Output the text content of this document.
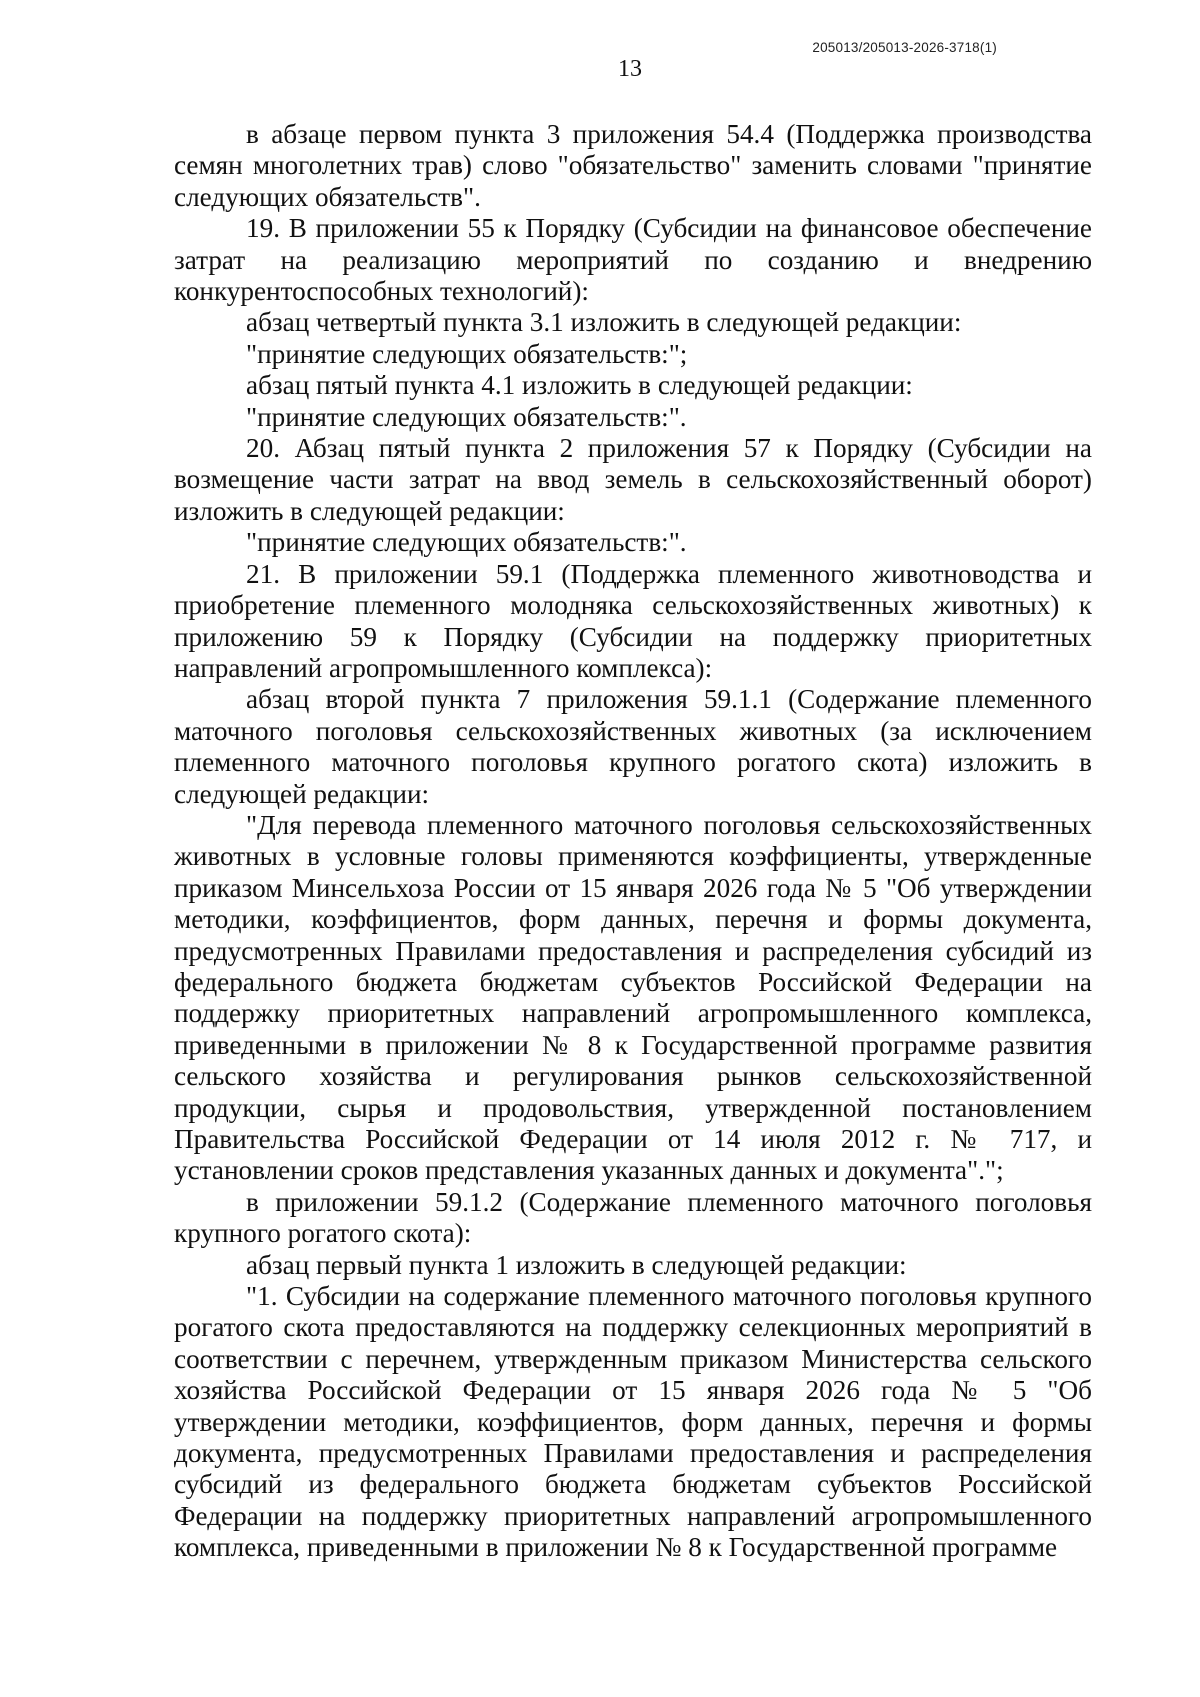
205013/205013-2026-3718(1)
13

в абзаце первом пункта 3 приложения 54.4 (Поддержка производства семян многолетних трав) слово "обязательство" заменить словами "принятие следующих обязательств".

19. В приложении 55 к Порядку (Субсидии на финансовое обеспечение затрат на реализацию мероприятий по созданию и внедрению конкурентоспособных технологий):

абзац четвертый пункта 3.1 изложить в следующей редакции:

"принятие следующих обязательств:";

абзац пятый пункта 4.1 изложить в следующей редакции:

"принятие следующих обязательств:".

20. Абзац пятый пункта 2 приложения 57 к Порядку (Субсидии на возмещение части затрат на ввод земель в сельскохозяйственный оборот) изложить в следующей редакции:

"принятие следующих обязательств:".

21. В приложении 59.1 (Поддержка племенного животноводства и приобретение племенного молодняка сельскохозяйственных животных) к приложению 59 к Порядку (Субсидии на поддержку приоритетных направлений агропромышленного комплекса):

абзац второй пункта 7 приложения 59.1.1 (Содержание племенного маточного поголовья сельскохозяйственных животных (за исключением племенного маточного поголовья крупного рогатого скота) изложить в следующей редакции:

"Для перевода племенного маточного поголовья сельскохозяйственных животных в условные головы применяются коэффициенты, утвержденные приказом Минсельхоза России от 15 января 2026 года № 5 "Об утверждении методики, коэффициентов, форм данных, перечня и формы документа, предусмотренных Правилами предоставления и распределения субсидий из федерального бюджета бюджетам субъектов Российской Федерации на поддержку приоритетных направлений агропромышленного комплекса, приведенными в приложении № 8 к Государственной программе развития сельского хозяйства и регулирования рынков сельскохозяйственной продукции, сырья и продовольствия, утвержденной постановлением Правительства Российской Федерации от 14 июля 2012 г. № 717, и установлении сроков представления указанных данных и документа".";

в приложении 59.1.2 (Содержание племенного маточного поголовья крупного рогатого скота):

абзац первый пункта 1 изложить в следующей редакции:

"1. Субсидии на содержание племенного маточного поголовья крупного рогатого скота предоставляются на поддержку селекционных мероприятий в соответствии с перечнем, утвержденным приказом Министерства сельского хозяйства Российской Федерации от 15 января 2026 года № 5 "Об утверждении методики, коэффициентов, форм данных, перечня и формы документа, предусмотренных Правилами предоставления и распределения субсидий из федерального бюджета бюджетам субъектов Российской Федерации на поддержку приоритетных направлений агропромышленного комплекса, приведенными в приложении № 8 к Государственной программе
